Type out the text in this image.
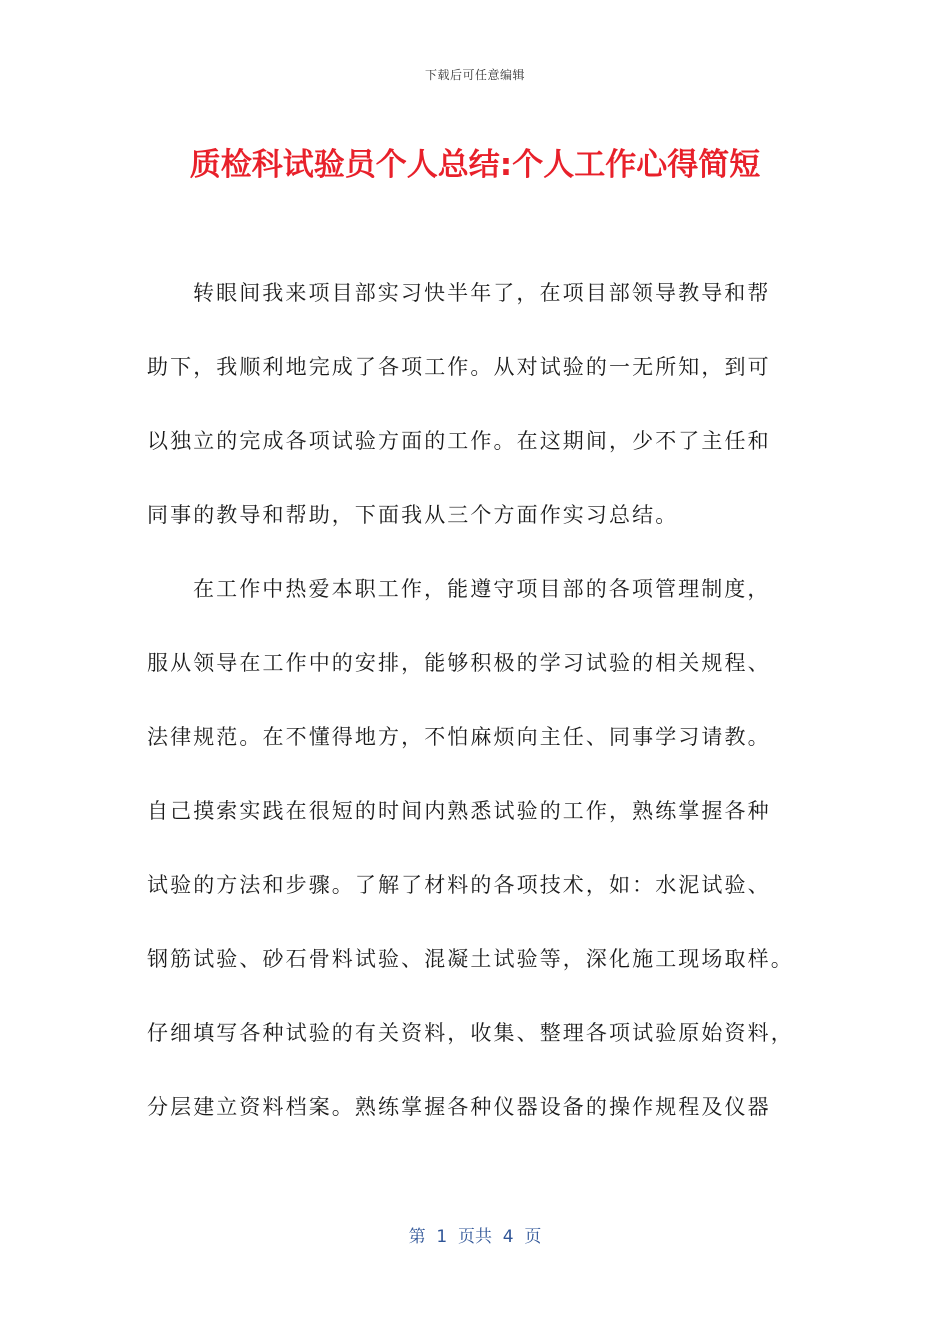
下载后可任意编辑
质检科试验员个人总结:个人工作心得简短
转眼间我来项目部实习快半年了，在项目部领导教导和帮
助下，我顺利地完成了各项工作。从对试验的一无所知，到可
以独立的完成各项试验方面的工作。在这期间，少不了主任和
同事的教导和帮助，下面我从三个方面作实习总结。
在工作中热爱本职工作，能遵守项目部的各项管理制度，
服从领导在工作中的安排，能够积极的学习试验的相关规程、
法律规范。在不懂得地方，不怕麻烦向主任、同事学习请教。
自己摸索实践在很短的时间内熟悉试验的工作，熟练掌握各种
试验的方法和步骤。了解了材料的各项技术，如：水泥试验、
钢筋试验、砂石骨料试验、混凝土试验等，深化施工现场取样。
仔细填写各种试验的有关资料，收集、整理各项试验原始资料，
分层建立资料档案。熟练掌握各种仪器设备的操作规程及仪器
第  1  页共  4  页
